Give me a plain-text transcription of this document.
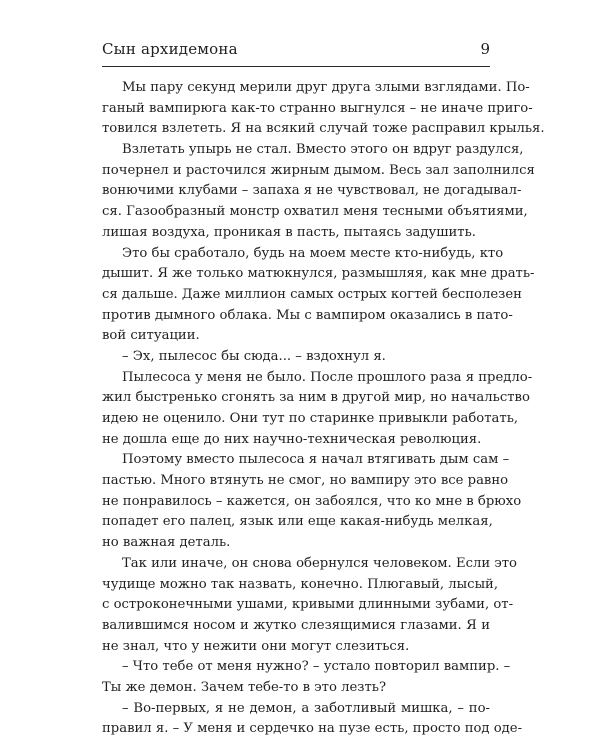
Сын архидемона	9
Мы пару секунд мерили друг друга злыми взглядами. По-
ганый вампирюга как-то странно выгнулся – не иначе приго-
товился взлететь. Я на всякий случай тоже расправил крылья.
Взлетать упырь не стал. Вместо этого он вдруг раздулся,
почернел и расточился жирным дымом. Весь зал заполнился
вонючими клубами – запаха я не чувствовал, не догадывал-
ся. Газообразный монстр охватил меня тесными объятиями,
лишая воздуха, проникая в пасть, пытаясь задушить.
Это бы сработало, будь на моем месте кто-нибудь, кто
дышит. Я же только матюкнулся, размышляя, как мне драть-
ся дальше. Даже миллион самых острых когтей бесполезен
против дымного облака. Мы с вампиром оказались в пато-
вой ситуации.
– Эх, пылесос бы сюда... – вздохнул я.
Пылесоса у меня не было. После прошлого раза я предло-
жил быстренько сгонять за ним в другой мир, но начальство
идею не оценило. Они тут по старинке привыкли работать,
не дошла еще до них научно-техническая революция.
Поэтому вместо пылесоса я начал втягивать дым сам –
пастью. Много втянуть не смог, но вампиру это все равно
не понравилось – кажется, он забоялся, что ко мне в брюхо
попадет его палец, язык или еще какая-нибудь мелкая,
но важная деталь.
Так или иначе, он снова обернулся человеком. Если это
чудище можно так назвать, конечно. Плюгавый, лысый,
с остроконечными ушами, кривыми длинными зубами, от-
валившимся носом и жутко слезящимися глазами. Я и
не знал, что у нежити они могут слезиться.
– Что тебе от меня нужно? – устало повторил вампир. –
Ты же демон. Зачем тебе-то в это лезть?
– Во-первых, я не демон, а заботливый мишка, – по-
правил я. – У меня и сердечко на пузе есть, просто под оде-
